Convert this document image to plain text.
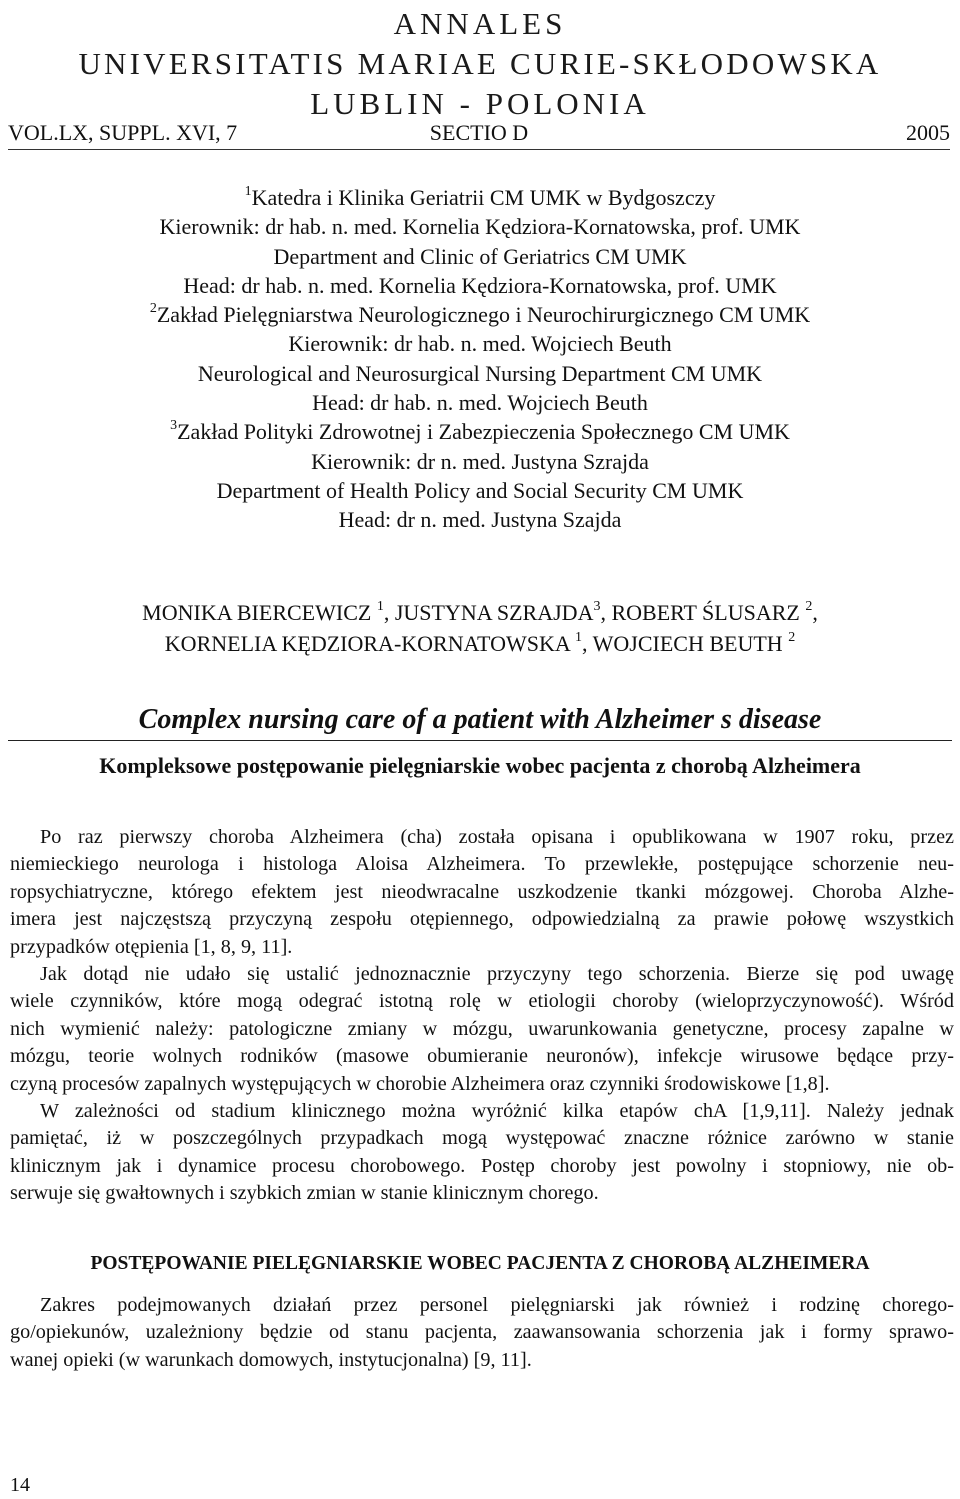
ANNALES
UNIVERSITATIS MARIAE CURIE-SKŁODOWSKA
LUBLIN - POLONIA
SECTIO D
VOL.LX, SUPPL. XVI, 7	2005
$^1$Katedra i Klinika Geriatrii CM UMK w Bydgoszczy
Kierownik: dr hab. n. med. Kornelia Kędziora-Kornatowska, prof. UMK
Department and Clinic of Geriatrics CM UMK
Head: dr hab. n. med. Kornelia Kędziora-Kornatowska, prof. UMK
$^2$Zakład Pielęgniarstwa Neurologicznego i Neurochirurgicznego CM UMK
Kierownik: dr hab. n. med. Wojciech Beuth
Neurological and Neurosurgical Nursing Department CM UMK
Head: dr hab. n. med. Wojciech Beuth
$^3$Zakład Polityki Zdrowotnej i Zabezpieczenia Społecznego CM UMK
Kierownik: dr n. med. Justyna Szrajda
Department of Health Policy and Social Security CM UMK
Head: dr n. med. Justyna Szajda
MONIKA BIERCEWICZ $^1$, JUSTYNA SZRAJDA$^3$, ROBERT ŚLUSARZ $^2$,
KORNELIA KĘDZIORA-KORNATOWSKA $^1$, WOJCIECH BEUTH $^2$
Complex nursing care of a patient with Alzheimer s disease
Kompleksowe postępowanie pielęgniarskie wobec pacjenta z chorobą Alzheimera
Po raz pierwszy choroba Alzheimera (cha) została opisana i opublikowana w 1907 roku, przez
niemieckiego neurologa i histologa Aloisa Alzheimera. To przewlekłe, postępujące schorzenie neu-
ropsychiatryczne, którego efektem jest nieodwracalne uszkodzenie tkanki mózgowej. Choroba Alzhe-
imera jest najczęstszą przyczyną zespołu otępiennego, odpowiedzialną za prawie połowę wszystkich
przypadków otępienia [1, 8, 9, 11].
Jak dotąd nie udało się ustalić jednoznacznie przyczyny tego schorzenia. Bierze się pod uwagę
wiele czynników, które mogą odegrać istotną rolę w etiologii choroby (wieloprzyczynowość). Wśród
nich wymienić należy: patologiczne zmiany w mózgu, uwarunkowania genetyczne, procesy zapalne w
mózgu, teorie wolnych rodników (masowe obumieranie neuronów), infekcje wirusowe będące przy-
czyną procesów zapalnych występujących w chorobie Alzheimera oraz czynniki środowiskowe [1,8].
W zależności od stadium klinicznego można wyróżnić kilka etapów chA [1,9,11]. Należy jednak
pamiętać, iż w poszczególnych przypadkach mogą występować znaczne różnice zarówno w stanie
klinicznym jak i dynamice procesu chorobowego. Postęp choroby jest powolny i stopniowy, nie ob-
serwuje się gwałtownych i szybkich zmian w stanie klinicznym chorego.
POSTĘPOWANIE PIELĘGNIARSKIE WOBEC PACJENTA Z CHOROBĄ ALZHEIMERA
Zakres podejmowanych działań przez personel pielęgniarski jak również i rodzinę chorego-
go/opiekunów, uzależniony będzie od stanu pacjenta, zaawansowania schorzenia jak i formy sprawo-
wanej opieki (w warunkach domowych, instytucjonalna) [9, 11].
14
